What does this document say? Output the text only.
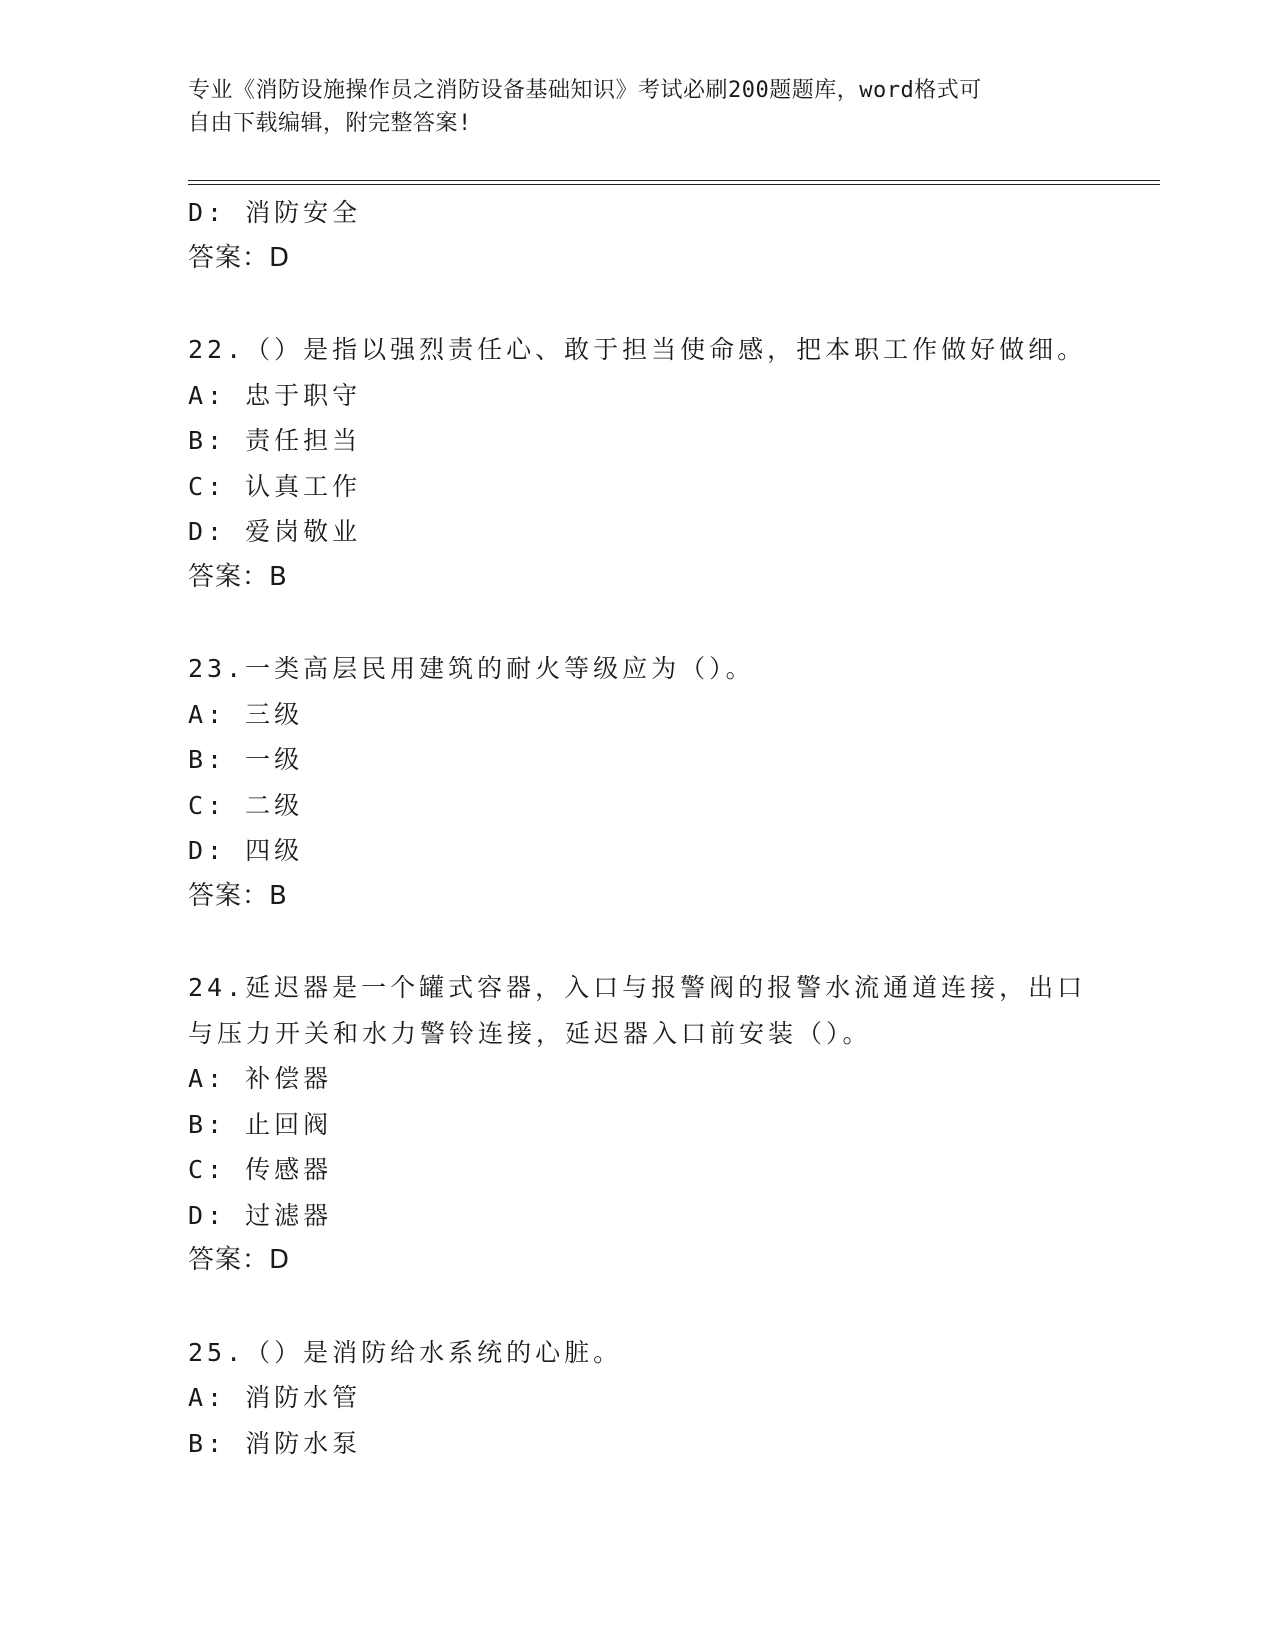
专业《消防设施操作员之消防设备基础知识》考试必刷200题题库，word格式可
自由下载编辑，附完整答案!
D: 消防安全
答案：D
22.（）是指以强烈责任心、敢于担当使命感，把本职工作做好做细。
A: 忠于职守
B: 责任担当
C: 认真工作
D: 爱岗敬业
答案：B
23.一类高层民用建筑的耐火等级应为（）。
A: 三级
B: 一级
C: 二级
D: 四级
答案：B
24.延迟器是一个罐式容器，入口与报警阀的报警水流通道连接，出口
与压力开关和水力警铃连接，延迟器入口前安装（）。
A: 补偿器
B: 止回阀
C: 传感器
D: 过滤器
答案：D
25.（）是消防给水系统的心脏。
A: 消防水管
B: 消防水泵
